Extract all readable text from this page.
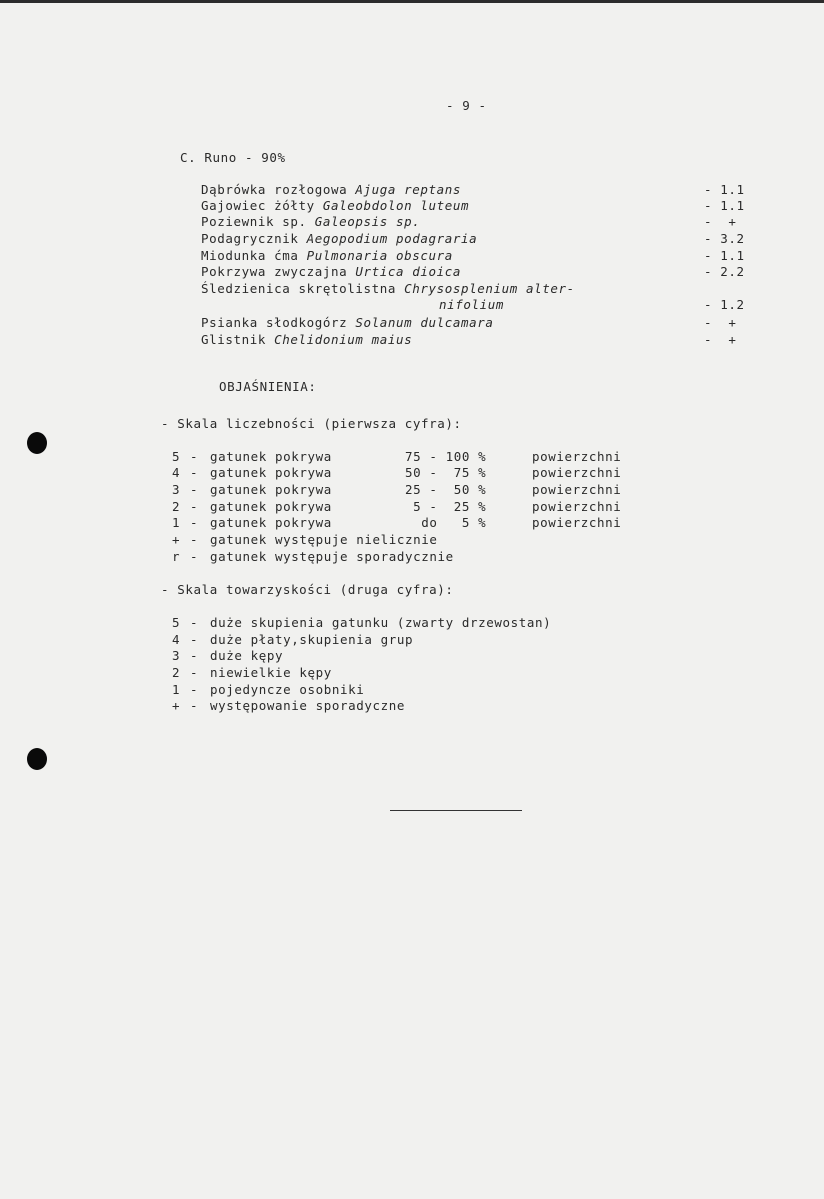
- 9 -
C. Runo - 90%
Dąbrówka rozłogowa Ajuga reptans	- 1.1
Gajowiec żółty Galeobdolon luteum	- 1.1
Poziewnik sp. Galeopsis sp.	-  +
Podagrycznik Aegopodium podagraria	- 3.2
Miodunka ćma Pulmonaria obscura	- 1.1
Pokrzywa zwyczajna Urtica dioica	- 2.2
Śledzienica skrętolistna Chrysosplenium alter-
nifolium	- 1.2
Psianka słodkogórz Solanum dulcamara	-  +
Glistnik Chelidonium maius	-  +
OBJAŚNIENIA:
- Skala liczebności (pierwsza cyfra):
5 - gatunek pokrywa	75 - 100 %	powierzchni
4 - gatunek pokrywa	50 -  75 %	powierzchni
3 - gatunek pokrywa	25 -  50 %	powierzchni
2 - gatunek pokrywa	5 -  25 %	powierzchni
1 - gatunek pokrywa	do   5 %	powierzchni
+ - gatunek występuje nielicznie
r - gatunek występuje sporadycznie
- Skala towarzyskości (druga cyfra):
5 - duże skupienia gatunku (zwarty drzewostan)
4 - duże płaty,skupienia grup
3 - duże kępy
2 - niewielkie kępy
1 - pojedyncze osobniki
+ - występowanie sporadyczne
